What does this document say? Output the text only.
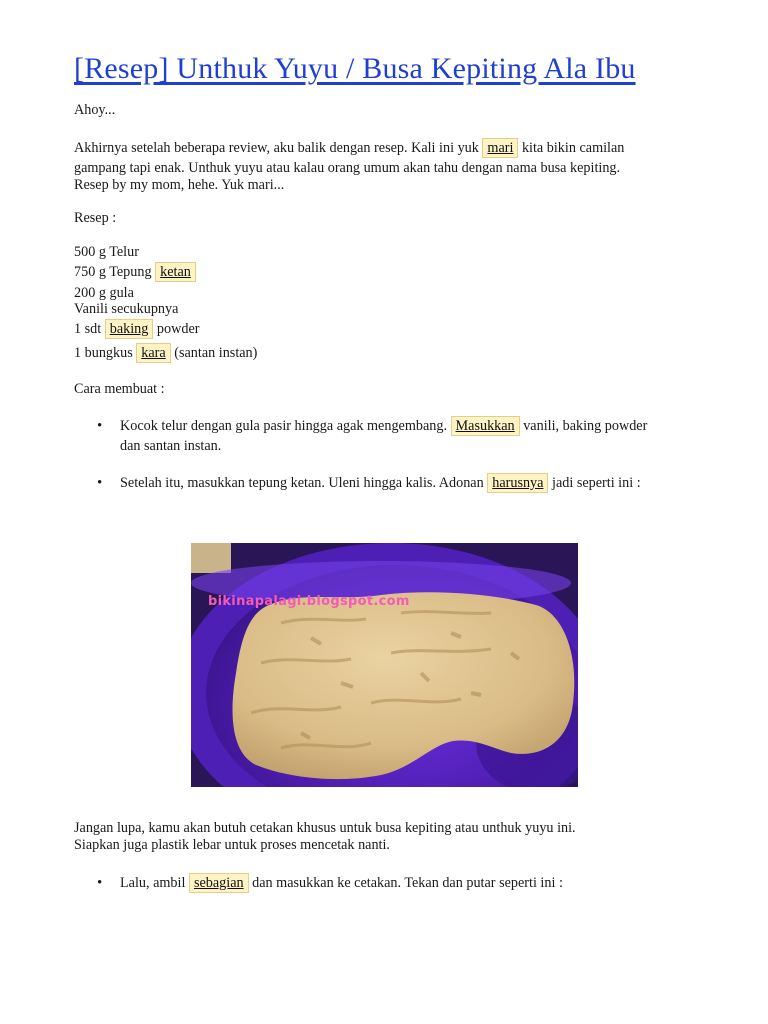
[Resep] Unthuk Yuyu / Busa Kepiting Ala Ibu
Ahoy...
Akhirnya setelah beberapa review, aku balik dengan resep. Kali ini yuk mari kita bikin camilan
gampang tapi enak. Unthuk yuyu atau kalau orang umum akan tahu dengan nama busa kepiting.
Resep by my mom, hehe. Yuk mari...
Resep :
500 g Telur
750 g Tepung ketan
200 g gula
Vanili secukupnya
1 sdt baking powder
1 bungkus kara (santan instan)
Cara membuat :
• Kocok telur dengan gula pasir hingga agak mengembang. Masukkan vanili, baking powder
dan santan instan.
• Setelah itu, masukkan tepung ketan. Uleni hingga kalis. Adonan harusnya jadi seperti ini :
bikinapalagi.blogspot.com
Jangan lupa, kamu akan butuh cetakan khusus untuk busa kepiting atau unthuk yuyu ini.
Siapkan juga plastik lebar untuk proses mencetak nanti.
• Lalu, ambil sebagian dan masukkan ke cetakan. Tekan dan putar seperti ini :
